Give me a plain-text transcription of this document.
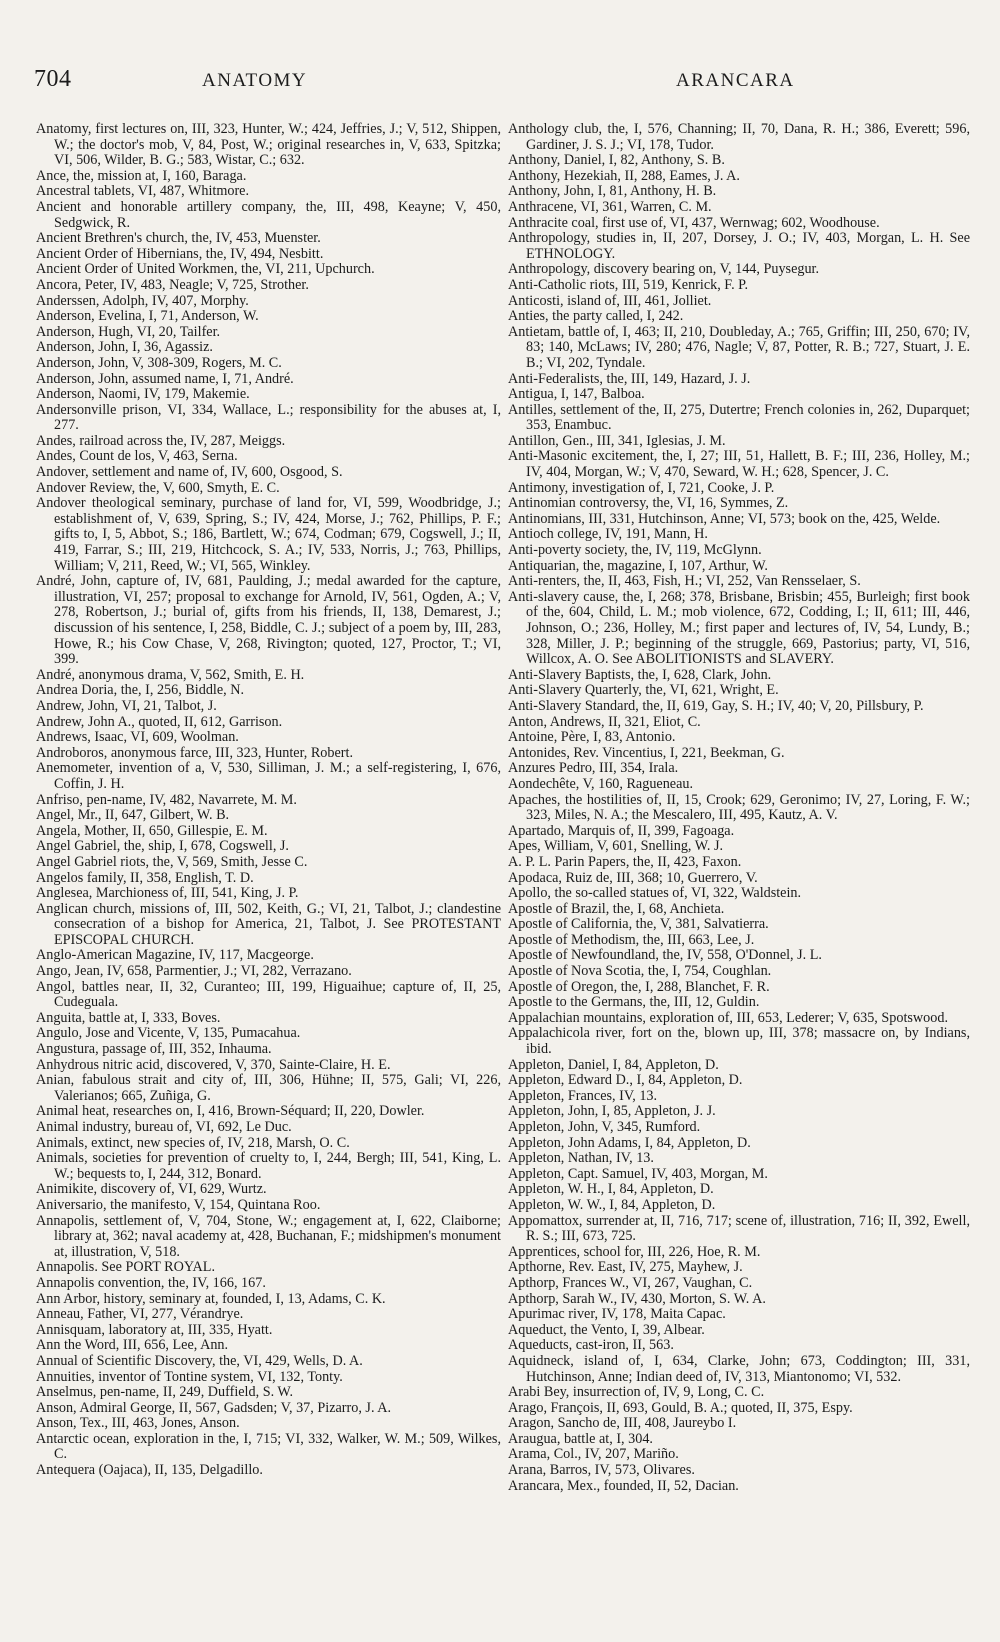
704	ANATOMY	ARANCARA

Anatomy, first lectures on, III, 323, Hunter, W.; 424, Jeffries, J.; V, 512, Shippen, W.; the doctor's mob, V, 84, Post, W.; original researches in, V, 633, Spitzka; VI, 506, Wilder, B. G.; 583, Wistar, C.; 632.

Ance, the, mission at, I, 160, Baraga.

Ancestral tablets, VI, 487, Whitmore.

Ancient and honorable artillery company, the, III, 498, Keayne; V, 450, Sedgwick, R.

Ancient Brethren's church, the, IV, 453, Muenster.

Ancient Order of Hibernians, the, IV, 494, Nesbitt.

Ancient Order of United Workmen, the, VI, 211, Upchurch.

Ancora, Peter, IV, 483, Neagle; V, 725, Strother.

Anderssen, Adolph, IV, 407, Morphy.

Anderson, Evelina, I, 71, Anderson, W.

Anderson, Hugh, VI, 20, Tailfer.

Anderson, John, I, 36, Agassiz.

Anderson, John, V, 308-309, Rogers, M. C.

Anderson, John, assumed name, I, 71, André.

Anderson, Naomi, IV, 179, Makemie.

Andersonville prison, VI, 334, Wallace, L.; responsibility for the abuses at, I, 277.

Andes, railroad across the, IV, 287, Meiggs.

Andes, Count de los, V, 463, Serna.

Andover, settlement and name of, IV, 600, Osgood, S.

Andover Review, the, V, 600, Smyth, E. C.

Andover theological seminary, purchase of land for, VI, 599, Woodbridge, J.; establishment of, V, 639, Spring, S.; IV, 424, Morse, J.; 762, Phillips, P. F.; gifts to, I, 5, Abbot, S.; 186, Bartlett, W.; 674, Codman; 679, Cogswell, J.; II, 419, Farrar, S.; III, 219, Hitchcock, S. A.; IV, 533, Norris, J.; 763, Phillips, William; V, 211, Reed, W.; VI, 565, Winkley.

André, John, capture of, IV, 681, Paulding, J.; medal awarded for the capture, illustration, VI, 257; proposal to exchange for Arnold, IV, 561, Ogden, A.; V, 278, Robertson, J.; burial of, gifts from his friends, II, 138, Demarest, J.; discussion of his sentence, I, 258, Biddle, C. J.; subject of a poem by, III, 283, Howe, R.; his Cow Chase, V, 268, Rivington; quoted, 127, Proctor, T.; VI, 399.

André, anonymous drama, V, 562, Smith, E. H.

Andrea Doria, the, I, 256, Biddle, N.

Andrew, John, VI, 21, Talbot, J.

Andrew, John A., quoted, II, 612, Garrison.

Andrews, Isaac, VI, 609, Woolman.

Androboros, anonymous farce, III, 323, Hunter, Robert.

Anemometer, invention of a, V, 530, Silliman, J. M.; a self-registering, I, 676, Coffin, J. H.

Anfriso, pen-name, IV, 482, Navarrete, M. M.

Angel, Mr., II, 647, Gilbert, W. B.

Angela, Mother, II, 650, Gillespie, E. M.

Angel Gabriel, the, ship, I, 678, Cogswell, J.

Angel Gabriel riots, the, V, 569, Smith, Jesse C.

Angelos family, II, 358, English, T. D.

Anglesea, Marchioness of, III, 541, King, J. P.

Anglican church, missions of, III, 502, Keith, G.; VI, 21, Talbot, J.; clandestine consecration of a bishop for America, 21, Talbot, J. See PROTESTANT EPISCOPAL CHURCH.

Anglo-American Magazine, IV, 117, Macgeorge.

Ango, Jean, IV, 658, Parmentier, J.; VI, 282, Verrazano.

Angol, battles near, II, 32, Curanteo; III, 199, Higuaihue; capture of, II, 25, Cudeguala.

Anguita, battle at, I, 333, Boves.

Angulo, Jose and Vicente, V, 135, Pumacahua.

Angustura, passage of, III, 352, Inhauma.

Anhydrous nitric acid, discovered, V, 370, Sainte-Claire, H. E.

Anian, fabulous strait and city of, III, 306, Hühne; II, 575, Gali; VI, 226, Valerianos; 665, Zuñiga, G.

Animal heat, researches on, I, 416, Brown-Séquard; II, 220, Dowler.

Animal industry, bureau of, VI, 692, Le Duc.

Animals, extinct, new species of, IV, 218, Marsh, O. C.

Animals, societies for prevention of cruelty to, I, 244, Bergh; III, 541, King, L. W.; bequests to, I, 244, 312, Bonard.

Animikite, discovery of, VI, 629, Wurtz.

Aniversario, the manifesto, V, 154, Quintana Roo.

Annapolis, settlement of, V, 704, Stone, W.; engagement at, I, 622, Claiborne; library at, 362; naval academy at, 428, Buchanan, F.; midshipmen's monument at, illustration, V, 518.

Annapolis. See PORT ROYAL.

Annapolis convention, the, IV, 166, 167.

Ann Arbor, history, seminary at, founded, I, 13, Adams, C. K.

Anneau, Father, VI, 277, Vérandrye.

Annisquam, laboratory at, III, 335, Hyatt.

Ann the Word, III, 656, Lee, Ann.

Annual of Scientific Discovery, the, VI, 429, Wells, D. A.

Annuities, inventor of Tontine system, VI, 132, Tonty.

Anselmus, pen-name, II, 249, Duffield, S. W.

Anson, Admiral George, II, 567, Gadsden; V, 37, Pizarro, J. A.

Anson, Tex., III, 463, Jones, Anson.

Antarctic ocean, exploration in the, I, 715; VI, 332, Walker, W. M.; 509, Wilkes, C.

Antequera (Oajaca), II, 135, Delgadillo.

Anthology club, the, I, 576, Channing; II, 70, Dana, R. H.; 386, Everett; 596, Gardiner, J. S. J.; VI, 178, Tudor.

Anthony, Daniel, I, 82, Anthony, S. B.

Anthony, Hezekiah, II, 288, Eames, J. A.

Anthony, John, I, 81, Anthony, H. B.

Anthracene, VI, 361, Warren, C. M.

Anthracite coal, first use of, VI, 437, Wernwag; 602, Woodhouse.

Anthropology, studies in, II, 207, Dorsey, J. O.; IV, 403, Morgan, L. H. See ETHNOLOGY.

Anthropology, discovery bearing on, V, 144, Puysegur.

Anti-Catholic riots, III, 519, Kenrick, F. P.

Anticosti, island of, III, 461, Jolliet.

Anties, the party called, I, 242.

Antietam, battle of, I, 463; II, 210, Doubleday, A.; 765, Griffin; III, 250, 670; IV, 83; 140, McLaws; IV, 280; 476, Nagle; V, 87, Potter, R. B.; 727, Stuart, J. E. B.; VI, 202, Tyndale.

Anti-Federalists, the, III, 149, Hazard, J. J.

Antigua, I, 147, Balboa.

Antilles, settlement of the, II, 275, Dutertre; French colonies in, 262, Duparquet; 353, Enambuc.

Antillon, Gen., III, 341, Iglesias, J. M.

Anti-Masonic excitement, the, I, 27; III, 51, Hallett, B. F.; III, 236, Holley, M.; IV, 404, Morgan, W.; V, 470, Seward, W. H.; 628, Spencer, J. C.

Antimony, investigation of, I, 721, Cooke, J. P.

Antinomian controversy, the, VI, 16, Symmes, Z.

Antinomians, III, 331, Hutchinson, Anne; VI, 573; book on the, 425, Welde.

Antioch college, IV, 191, Mann, H.

Anti-poverty society, the, IV, 119, McGlynn.

Antiquarian, the, magazine, I, 107, Arthur, W.

Anti-renters, the, II, 463, Fish, H.; VI, 252, Van Rensselaer, S.

Anti-slavery cause, the, I, 268; 378, Brisbane, Brisbin; 455, Burleigh; first book of the, 604, Child, L. M.; mob violence, 672, Codding, I.; II, 611; III, 446, Johnson, O.; 236, Holley, M.; first paper and lectures of, IV, 54, Lundy, B.; 328, Miller, J. P.; beginning of the struggle, 669, Pastorius; party, VI, 516, Willcox, A. O. See ABOLITIONISTS and SLAVERY.

Anti-Slavery Baptists, the, I, 628, Clark, John.

Anti-Slavery Quarterly, the, VI, 621, Wright, E.

Anti-Slavery Standard, the, II, 619, Gay, S. H.; IV, 40; V, 20, Pillsbury, P.

Anton, Andrews, II, 321, Eliot, C.

Antoine, Père, I, 83, Antonio.

Antonides, Rev. Vincentius, I, 221, Beekman, G.

Anzures Pedro, III, 354, Irala.

Aondechête, V, 160, Ragueneau.

Apaches, the hostilities of, II, 15, Crook; 629, Geronimo; IV, 27, Loring, F. W.; 323, Miles, N. A.; the Mescalero, III, 495, Kautz, A. V.

Apartado, Marquis of, II, 399, Fagoaga.

Apes, William, V, 601, Snelling, W. J.

A. P. L. Parin Papers, the, II, 423, Faxon.

Apodaca, Ruiz de, III, 368; 10, Guerrero, V.

Apollo, the so-called statues of, VI, 322, Waldstein.

Apostle of Brazil, the, I, 68, Anchieta.

Apostle of California, the, V, 381, Salvatierra.

Apostle of Methodism, the, III, 663, Lee, J.

Apostle of Newfoundland, the, IV, 558, O'Donnel, J. L.

Apostle of Nova Scotia, the, I, 754, Coughlan.

Apostle of Oregon, the, I, 288, Blanchet, F. R.

Apostle to the Germans, the, III, 12, Guldin.

Appalachian mountains, exploration of, III, 653, Lederer; V, 635, Spotswood.

Appalachicola river, fort on the, blown up, III, 378; massacre on, by Indians, ibid.

Appleton, Daniel, I, 84, Appleton, D.

Appleton, Edward D., I, 84, Appleton, D.

Appleton, Frances, IV, 13.

Appleton, John, I, 85, Appleton, J. J.

Appleton, John, V, 345, Rumford.

Appleton, John Adams, I, 84, Appleton, D.

Appleton, Nathan, IV, 13.

Appleton, Capt. Samuel, IV, 403, Morgan, M.

Appleton, W. H., I, 84, Appleton, D.

Appleton, W. W., I, 84, Appleton, D.

Appomattox, surrender at, II, 716, 717; scene of, illustration, 716; II, 392, Ewell, R. S.; III, 673, 725.

Apprentices, school for, III, 226, Hoe, R. M.

Apthorne, Rev. East, IV, 275, Mayhew, J.

Apthorp, Frances W., VI, 267, Vaughan, C.

Apthorp, Sarah W., IV, 430, Morton, S. W. A.

Apurimac river, IV, 178, Maita Capac.

Aqueduct, the Vento, I, 39, Albear.

Aqueducts, cast-iron, II, 563.

Aquidneck, island of, I, 634, Clarke, John; 673, Coddington; III, 331, Hutchinson, Anne; Indian deed of, IV, 313, Miantonomo; VI, 532.

Arabi Bey, insurrection of, IV, 9, Long, C. C.

Arago, François, II, 693, Gould, B. A.; quoted, II, 375, Espy.

Aragon, Sancho de, III, 408, Jaureybo I.

Araugua, battle at, I, 304.

Arama, Col., IV, 207, Mariño.

Arana, Barros, IV, 573, Olivares.

Arancara, Mex., founded, II, 52, Dacian.
